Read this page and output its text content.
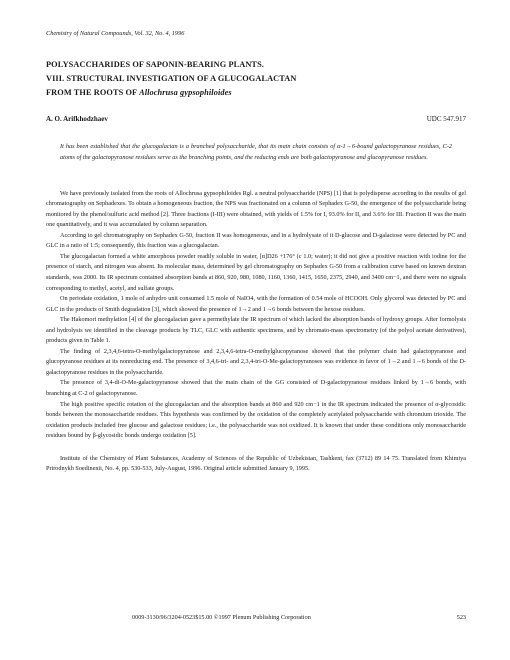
Chemistry of Natural Compounds, Vol. 32, No. 4, 1996
POLYSACCHARIDES OF SAPONIN-BEARING PLANTS.
VIII. STRUCTURAL INVESTIGATION OF A GLUCOGALACTAN
FROM THE ROOTS OF Allochrusa gypsophiloides
A. O. Arifkhodzhaev	UDC 547.917
It has been established that the glucogalactan is a branched polysaccharide, that its main chain consists of α-1→6-bound galactopyranose residues, C-2 atoms of the galactopyranose residues serve as the branching points, and the reducing ends are both galactopyranose and glucopyranose residues.

We have previously isolated from the roots of Allochrusa gypsophiloides Rgl. a neutral polysaccharide (NPS) [1] that is polydisperse according to the results of gel chromatography on Sephadexes. To obtain a homogeneous fraction, the NPS was fractionated on a column of Sephadex G-50, the emergence of the polysaccharide being monitored by the phenol/sulfuric acid method [2]. Three fractions (I-III) were obtained, with yields of 1.5% for I, 93.0% for II, and 3.6% for III. Fraction II was the main one quantitatively, and it was accumulated by column separation.

According to gel chromatography on Sephadex G-50, fraction II was homogeneous, and in a hydrolysate of it D-glucose and D-galactose were detected by PC and GLC in a ratio of 1:5; consequently, this fraction was a glucogalactan.

The glucogalactan formed a white amorphous powder readily soluble in water, [α]D26 +176° (c 1.0; water); it did not give a positive reaction with iodine for the presence of starch, and nitrogen was absent. Its molecular mass, determined by gel chromatography on Sephadex G-50 from a calibration curve based on known dextran standards, was 2000. Its IR spectrum contained absorption bands at 860, 920, 980, 1080, 1160, 1360, 1415, 1650, 2375, 2940, and 3400 cm−1, and there were no signals corresponding to methyl, acetyl, and sulfate groups.

On periodate oxidation, 1 mole of anhydro unit consumed 1.5 mole of NaIO4, with the formation of 0.54 mole of HCOOH. Only glycerol was detected by PC and GLC in the products of Smith degradation [3], which showed the presence of 1→2 and 1→6 bonds between the hexose residues.

The Hakomori methylation [4] of the glucogalactan gave a permethylate the IR spectrum of which lacked the absorption bands of hydroxy groups. After formolysis and hydrolysis we identified in the cleavage products by TLC, GLC with authentic specimens, and by chromato-mass spectrometry (of the polyol acetate derivatives), products given in Table 1.

The finding of 2,3,4,6-tetra-O-methylgalactopyranose and 2,3,4,6-tetra-O-methylglucopyranose showed that the polymer chain had galactopyranose and glucopyranose residues at its nonreducing end. The presence of 3,4,6-tri- and 2,3,4-tri-O-Me-galactopyranoses was evidence in favor of 1→2 and 1→6 bonds of the D-galactopyranose residues in the polysaccharide.

The presence of 3,4-di-O-Me-galactopyranose showed that the main chain of the GG consisted of D-galactopyranose residues linked by 1→6 bonds, with branching at C-2 of galactopyranose.

The high positive specific rotation of the glucogalactan and the absorption bands at 860 and 920 cm−1 in the IR spectrum indicated the presence of α-glycosidic bonds between the monosaccharide residues. This hypothesis was confirmed by the oxidation of the completely acetylated polysaccharide with chromium trioxide. The oxidation products included free glucose and galactose residues; i.e., the polysaccharide was not oxidized. It is known that under these conditions only monosaccharide residues bound by β-glycosidic bonds undergo oxidation [5].

Institute of the Chemistry of Plant Substances, Academy of Sciences of the Republic of Uzbekistan, Tashkent, fax (3712) 89 14 75. Translated from Khimiya Prirodnykh Soedinenii, No. 4, pp. 530-533, July-August, 1996. Original article submitted January 9, 1995.
0009-3130/96/3204-0523$15.00 ©1997 Plenum Publishing Corporation	523
